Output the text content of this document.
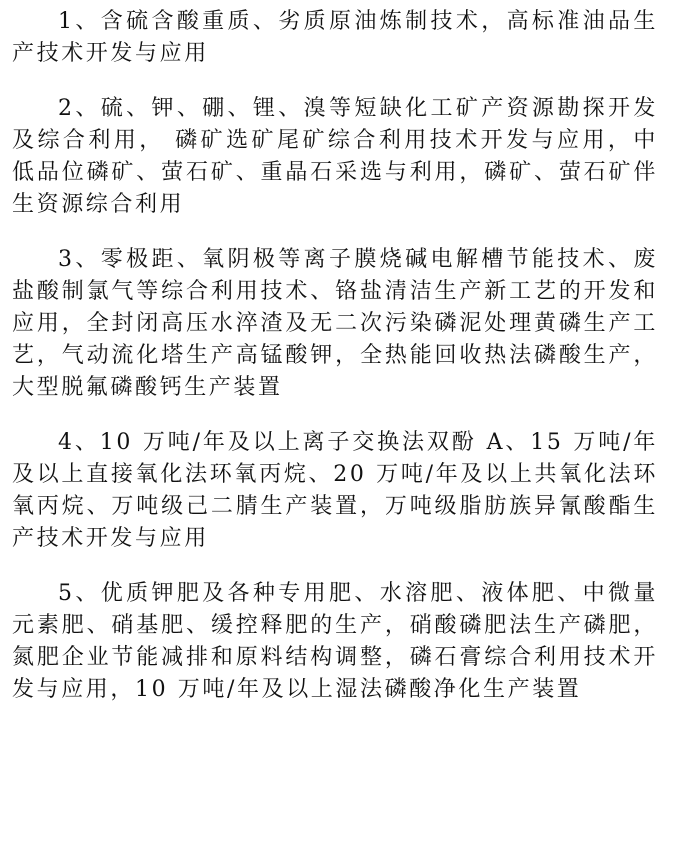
1、含硫含酸重质、劣质原油炼制技术，高标准油品生产技术开发与应用

2、硫、钾、硼、锂、溴等短缺化工矿产资源勘探开发及综合利用， 磷矿选矿尾矿综合利用技术开发与应用，中低品位磷矿、萤石矿、重晶石采选与利用，磷矿、萤石矿伴生资源综合利用

3、零极距、氧阴极等离子膜烧碱电解槽节能技术、废盐酸制氯气等综合利用技术、铬盐清洁生产新工艺的开发和应用，全封闭高压水淬渣及无二次污染磷泥处理黄磷生产工艺，气动流化塔生产高锰酸钾，全热能回收热法磷酸生产，大型脱氟磷酸钙生产装置

4、10 万吨/年及以上离子交换法双酚 A、15 万吨/年及以上直接氧化法环氧丙烷、20 万吨/年及以上共氧化法环氧丙烷、万吨级己二腈生产装置，万吨级脂肪族异氰酸酯生产技术开发与应用

5、优质钾肥及各种专用肥、水溶肥、液体肥、中微量元素肥、硝基肥、缓控释肥的生产，硝酸磷肥法生产磷肥，氮肥企业节能减排和原料结构调整，磷石膏综合利用技术开发与应用，10 万吨/年及以上湿法磷酸净化生产装置
